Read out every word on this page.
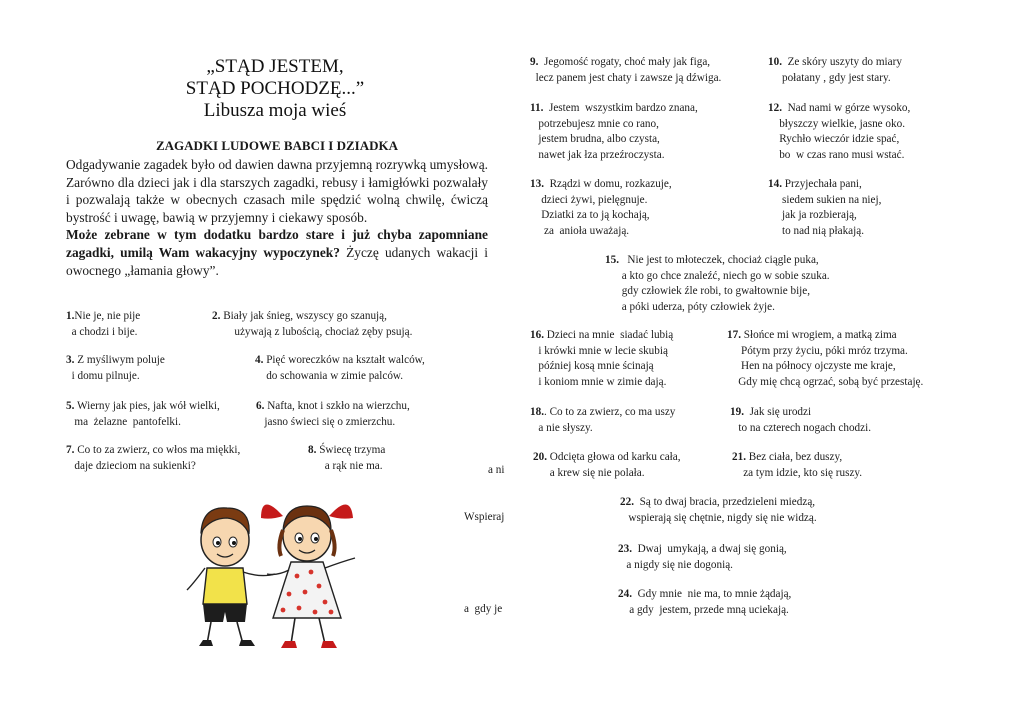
„STĄD JESTEM,
STĄD POCHODZĘ...”
Libusza moja wieś
ZAGADKI LUDOWE BABCI I DZIADKA
Odgadywanie zagadek było od dawien dawna przyjemną rozrywką umysłową. Zarówno dla dzieci jak i dla starszych zagadki, rebusy i łamigłówki pozwalały i pozwalają także w obecnych czasach mile spędzić wolną chwilę, ćwiczą bystrość i uwagę, bawią w przyjemny i ciekawy sposób.
Może zebrane w tym dodatku bardzo stare i już chyba zapomniane zagadki, umilą Wam wakacyjny wypoczynek? Życzę udanych wakacji i owocnego „łamania głowy”.
1.Nie je, nie pije
a chodzi i bije.
2. Biały jak śnieg, wszyscy go szanują,
używają z lubością, chociaż zęby psują.
3. Z myśliwym poluje
i domu pilnuje.
4. Pięć woreczków na kształt walców,
do schowania w zimie palców.
5. Wierny jak pies, jak wół wielki,
ma  żelazne  pantofelki.
6. Nafta, knot i szkło na wierzchu,
jasno świeci się o zmierzchu.
7. Co to za zwierz, co włos ma miękki,
daje dzieciom na sukienki?
8. Świecę trzyma
a rąk nie ma.	a ni
Wspieraj
a  gdy je
9.  Jegomość rogaty, choć mały jak figa,
lecz panem jest chaty i zawsze ją dźwiga.
10.  Ze skóry uszyty do miary
połatany , gdy jest stary.
11.  Jestem  wszystkim bardzo znana,
potrzebujesz mnie co rano,
jestem brudna, albo czysta,
nawet jak łza przeźroczysta.
12.  Nad nami w górze wysoko,
błyszczy wielkie, jasne oko.
Rychło wieczór idzie spać,
bo  w czas rano musi wstać.
13.  Rządzi w domu, rozkazuje,
dzieci żywi, pielęgnuje.
Dziatki za to ją kochają,
za  anioła uważają.
14. Przyjechała pani,
siedem sukien na niej,
jak ja rozbierają,
to nad nią płakają.
15.   Nie jest to młoteczek, chociaż ciągle puka,
a kto go chce znaleźć, niech go w sobie szuka.
gdy człowiek źle robi, to gwałtownie bije,
a póki uderza, póty człowiek żyje.
16. Dzieci na mnie  siadać lubią
i krówki mnie w lecie skubią
później kosą mnie ścinają
i koniom mnie w zimie dają.
17. Słońce mi wrogiem, a matką zima
Pótym przy życiu, póki mróz trzyma.
Hen na północy ojczyste me kraje,
Gdy mię chcą ogrzać, sobą być przestaję.
18.. Co to za zwierz, co ma uszy
a nie słyszy.
19.  Jak się urodzi
to na czterech nogach chodzi.
20. Odcięta głowa od karku cała,
a krew się nie polała.
21. Bez ciała, bez duszy,
za tym idzie, kto się ruszy.
22.  Są to dwaj bracia, przedzieleni miedzą,
wspierają się chętnie, nigdy się nie widzą.
23.  Dwaj  umykają, a dwaj się gonią,
a nigdy się nie dogonią.
24.  Gdy mnie  nie ma, to mnie żądają,
a gdy  jestem, przede mną uciekają.
